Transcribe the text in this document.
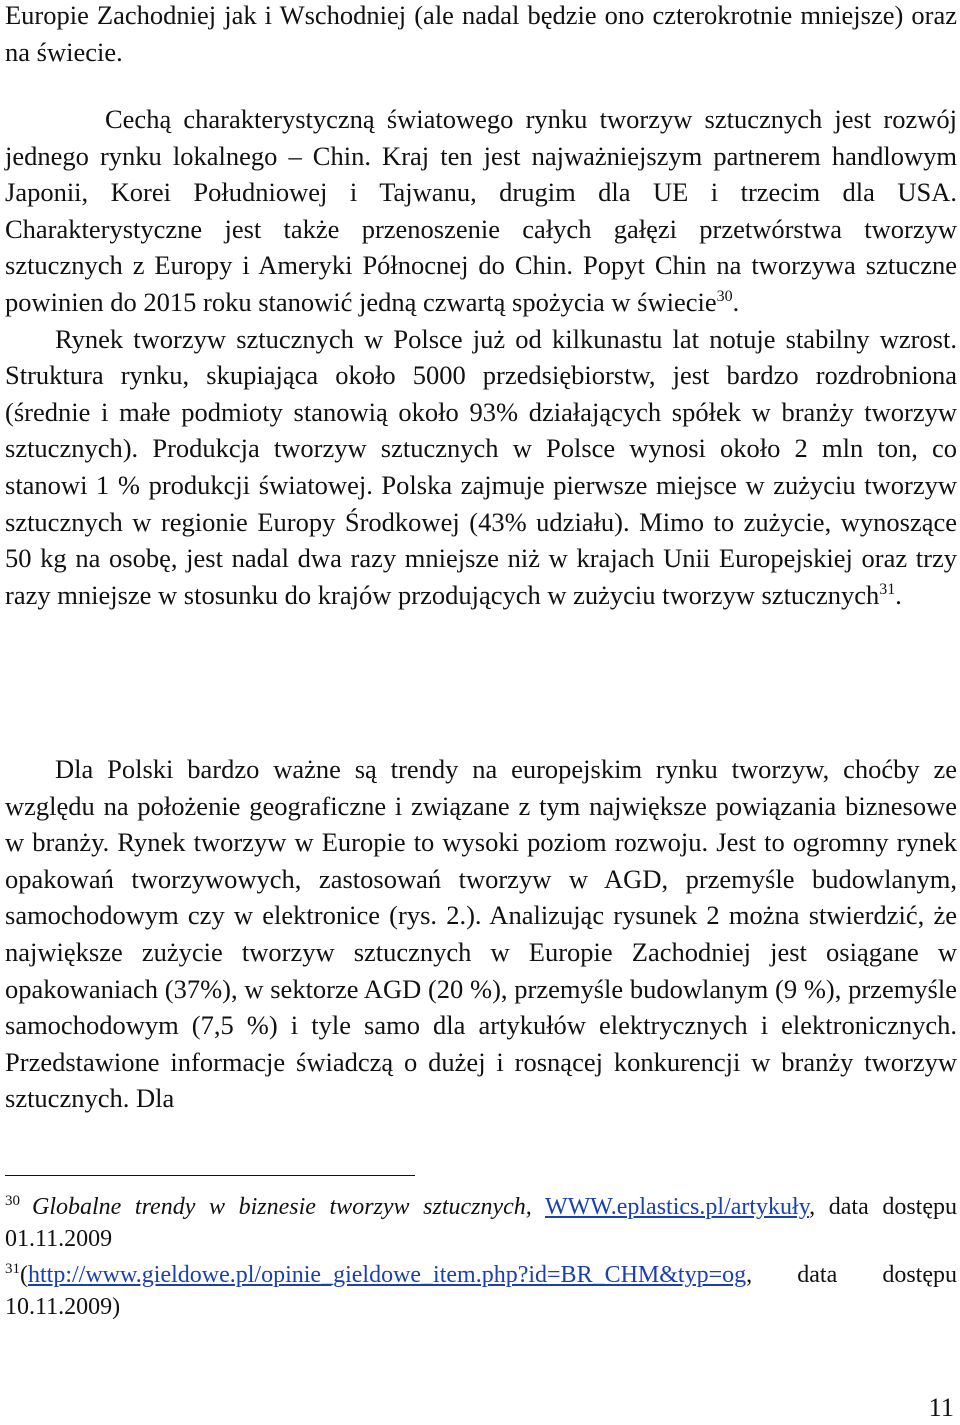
Europie Zachodniej jak i Wschodniej (ale nadal będzie ono czterokrotnie mniejsze) oraz na świecie.

Cechą charakterystyczną światowego rynku tworzyw sztucznych jest rozwój jednego rynku lokalnego – Chin. Kraj ten jest najważniejszym partnerem handlowym Japonii, Korei Południowej i Tajwanu, drugim dla UE i trzecim dla USA. Charakterystyczne jest także przenoszenie całych gałęzi przetwórstwa tworzyw sztucznych z Europy i Ameryki Północnej do Chin. Popyt Chin na tworzywa sztuczne powinien do 2015 roku stanowić jedną czwartą spożycia w świecie$^{30}$.
Rynek tworzyw sztucznych w Polsce już od kilkunastu lat notuje stabilny wzrost. Struktura rynku, skupiająca około 5000 przedsiębiorstw, jest bardzo rozdrobniona (średnie i małe podmioty stanowią około 93% działających spółek w branży tworzyw sztucznych). Produkcja tworzyw sztucznych w Polsce wynosi około 2 mln ton, co stanowi 1 % produkcji światowej. Polska zajmuje pierwsze miejsce w zużyciu tworzyw sztucznych w regionie Europy Środkowej (43% udziału). Mimo to zużycie, wynoszące 50 kg na osobę, jest nadal dwa razy mniejsze niż w krajach Unii Europejskiej oraz trzy razy mniejsze w stosunku do krajów przodujących w zużyciu tworzyw sztucznych$^{31}$.

Dla Polski bardzo ważne są trendy na europejskim rynku tworzyw, choćby ze względu na położenie geograficzne i związane z tym największe powiązania biznesowe w branży. Rynek tworzyw w Europie to wysoki poziom rozwoju. Jest to ogromny rynek opakowań tworzywowych, zastosowań tworzyw w AGD, przemyśle budowlanym, samochodowym czy w elektronice (rys. 2.). Analizując rysunek 2 można stwierdzić, że największe zużycie tworzyw sztucznych w Europie Zachodniej jest osiągane w opakowaniach (37%), w sektorze AGD (20 %), przemyśle budowlanym (9 %), przemyśle samochodowym (7,5 %) i tyle samo dla artykułów elektrycznych i elektronicznych. Przedstawione informacje świadczą o dużej i rosnącej konkurencji w branży tworzyw sztucznych. Dla

$^{30}$ Globalne trendy w biznesie tworzyw sztucznych, WWW.eplastics.pl/artykuły, data dostępu 01.11.2009

$^{31}$(http://www.gieldowe.pl/opinie_gieldowe_item.php?id=BR_CHM&typ=og, data dostępu 10.11.2009)

11
